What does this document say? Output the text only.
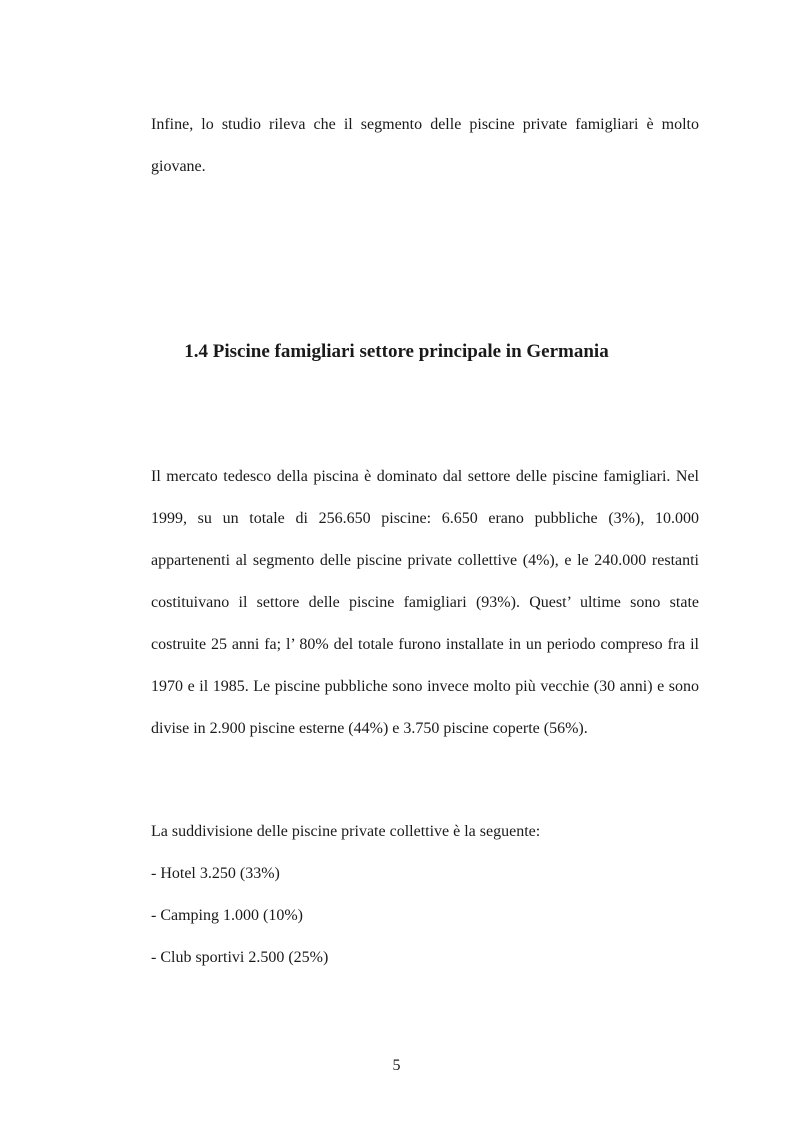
Infine, lo studio rileva che il segmento delle piscine private famigliari è molto giovane.

1.4 Piscine famigliari settore principale in Germania

Il mercato tedesco della piscina è dominato dal settore delle piscine famigliari. Nel 1999, su un totale di 256.650 piscine: 6.650 erano pubbliche (3%), 10.000 appartenenti al segmento delle piscine private collettive (4%), e le 240.000 restanti costituivano il settore delle piscine famigliari (93%). Quest’ ultime sono state costruite 25 anni fa; l’ 80% del totale furono installate in un periodo compreso fra il 1970 e il 1985. Le piscine pubbliche sono invece molto più vecchie (30 anni) e sono divise in 2.900 piscine esterne (44%) e 3.750 piscine coperte (56%).

La suddivisione delle piscine private collettive è la seguente:

- Hotel 3.250 (33%)

- Camping 1.000 (10%)

- Club sportivi 2.500 (25%)

5
